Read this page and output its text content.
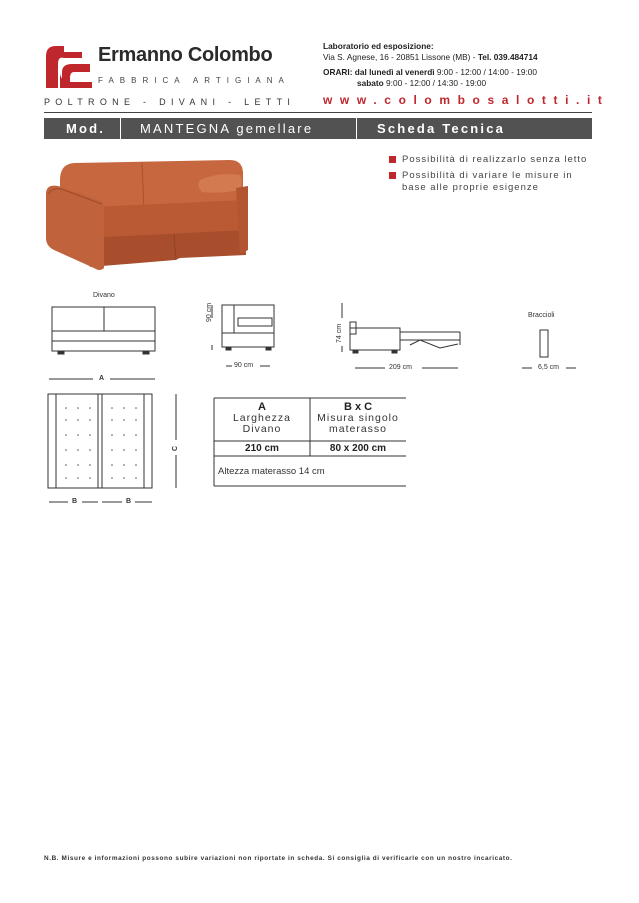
Ermanno Colombo
FABBRICA ARTIGIANA
POLTRONE - DIVANI - LETTI
Laboratorio ed esposizione:
Via S. Agnese, 16 - 20851 Lissone (MB) - Tel. 039.484714
ORARI: dal lunedì al venerdì 9:00 - 12:00 / 14:00 - 19:00
sabato 9:00 - 12:00 / 14:30 - 19:00
www.colombosalotti.it
Mod.	MANTEGNA gemellare	Scheda Tecnica
Possibilità di realizzarlo senza letto
Possibilità di variare le misure in base alle proprie esigenze
Divano
90 cm
90 cm
74 cm
209 cm
Braccioli
6,5 cm
A
B	B
C
A
Larghezza
Divano
B x C
Misura singolo
materasso
210 cm	80 x 200 cm
Altezza materasso 14 cm
N.B. Misure e informazioni possono subire variazioni non riportate in scheda. Si consiglia di verificarle con un nostro incaricato.
